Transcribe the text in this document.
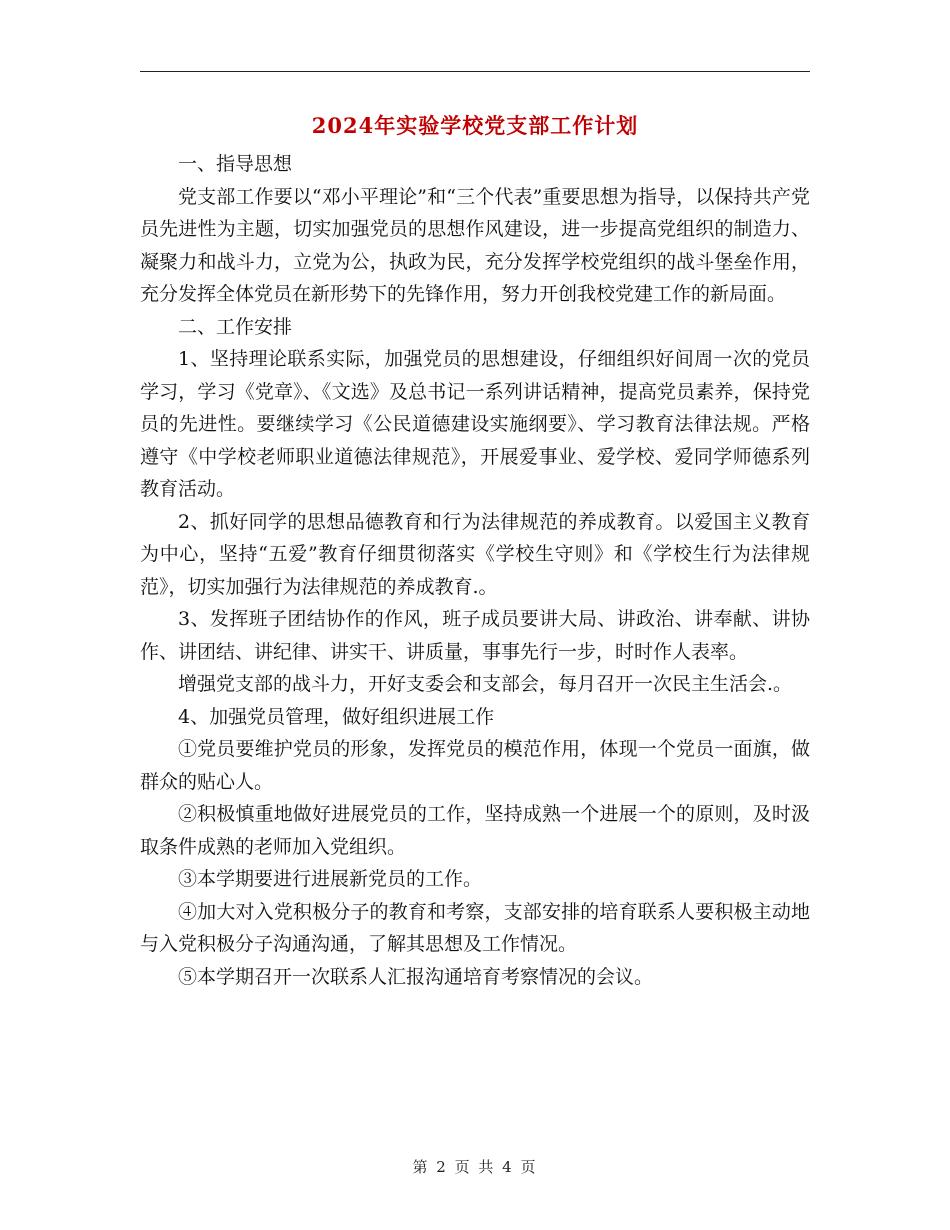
2024年实验学校党支部工作计划

一、指导思想

党支部工作要以“邓小平理论”和“三个代表”重要思想为指导，以保持共产党员先进性为主题，切实加强党员的思想作风建设，进一步提高党组织的制造力、凝聚力和战斗力，立党为公，执政为民，充分发挥学校党组织的战斗堡垒作用，充分发挥全体党员在新形势下的先锋作用，努力开创我校党建工作的新局面。

二、工作安排

1、坚持理论联系实际，加强党员的思想建设，仔细组织好间周一次的党员学习，学习《党章》、《文选》及总书记一系列讲话精神，提高党员素养，保持党员的先进性。要继续学习《公民道德建设实施纲要》、学习教育法律法规。严格遵守《中学校老师职业道德法律规范》，开展爱事业、爱学校、爱同学师德系列教育活动。

2、抓好同学的思想品德教育和行为法律规范的养成教育。以爱国主义教育为中心，坚持“五爱”教育仔细贯彻落实《学校生守则》和《学校生行为法律规范》，切实加强行为法律规范的养成教育.。

3、发挥班子团结协作的作风，班子成员要讲大局、讲政治、讲奉献、讲协作、讲团结、讲纪律、讲实干、讲质量，事事先行一步，时时作人表率。

增强党支部的战斗力，开好支委会和支部会，每月召开一次民主生活会.。

4、加强党员管理，做好组织进展工作

①党员要维护党员的形象，发挥党员的模范作用，体现一个党员一面旗，做群众的贴心人。

②积极慎重地做好进展党员的工作，坚持成熟一个进展一个的原则，及时汲取条件成熟的老师加入党组织。

③本学期要进行进展新党员的工作。

④加大对入党积极分子的教育和考察，支部安排的培育联系人要积极主动地与入党积极分子沟通沟通，了解其思想及工作情况。

⑤本学期召开一次联系人汇报沟通培育考察情况的会议。

第 2 页 共 4 页
